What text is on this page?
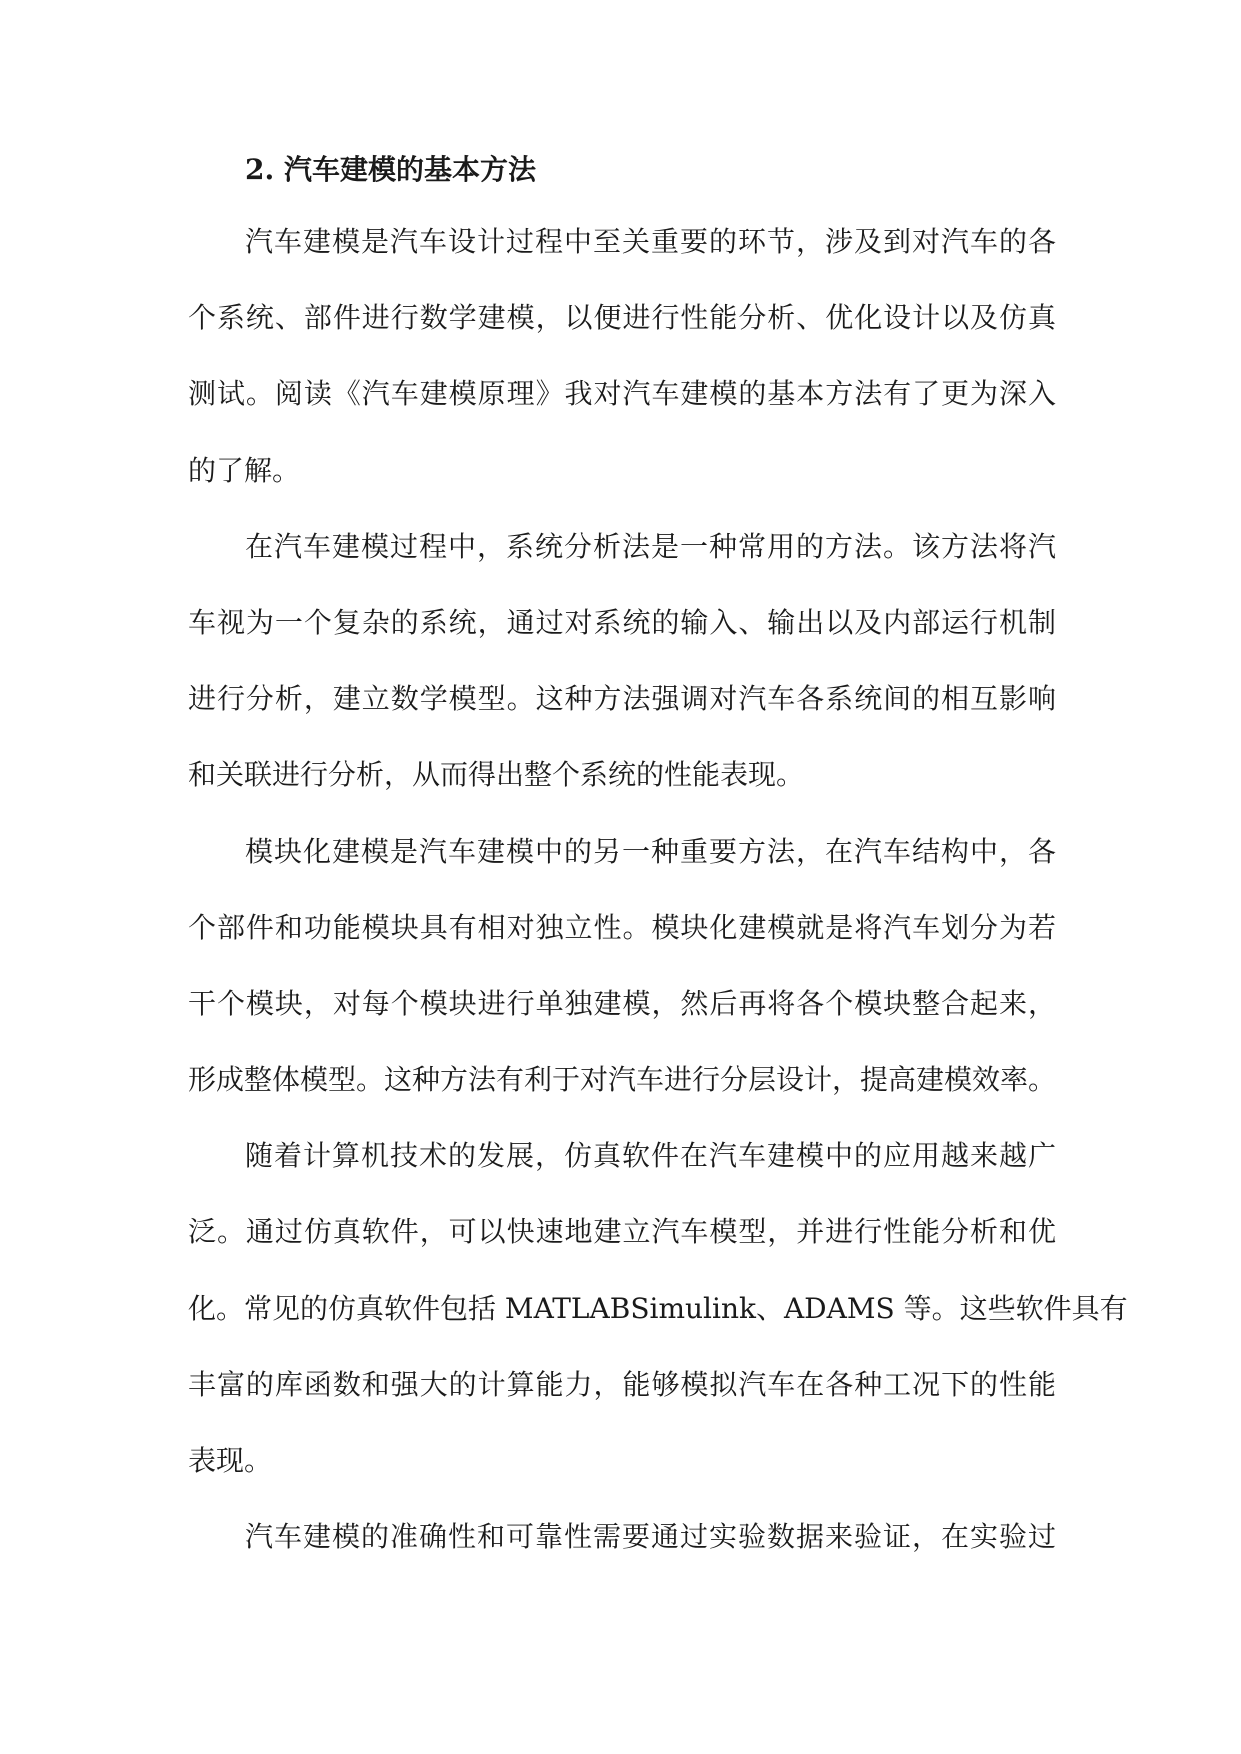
2. 汽车建模的基本方法

汽车建模是汽车设计过程中至关重要的环节，涉及到对汽车的各
个系统、部件进行数学建模，以便进行性能分析、优化设计以及仿真
测试。阅读《汽车建模原理》我对汽车建模的基本方法有了更为深入
的了解。

在汽车建模过程中，系统分析法是一种常用的方法。该方法将汽
车视为一个复杂的系统，通过对系统的输入、输出以及内部运行机制
进行分析，建立数学模型。这种方法强调对汽车各系统间的相互影响
和关联进行分析，从而得出整个系统的性能表现。

模块化建模是汽车建模中的另一种重要方法，在汽车结构中，各
个部件和功能模块具有相对独立性。模块化建模就是将汽车划分为若
干个模块，对每个模块进行单独建模，然后再将各个模块整合起来，
形成整体模型。这种方法有利于对汽车进行分层设计，提高建模效率。

随着计算机技术的发展，仿真软件在汽车建模中的应用越来越广
泛。通过仿真软件，可以快速地建立汽车模型，并进行性能分析和优
化。常见的仿真软件包括 MATLABSimulink、ADAMS 等。这些软件具有
丰富的库函数和强大的计算能力，能够模拟汽车在各种工况下的性能
表现。

汽车建模的准确性和可靠性需要通过实验数据来验证，在实验过
